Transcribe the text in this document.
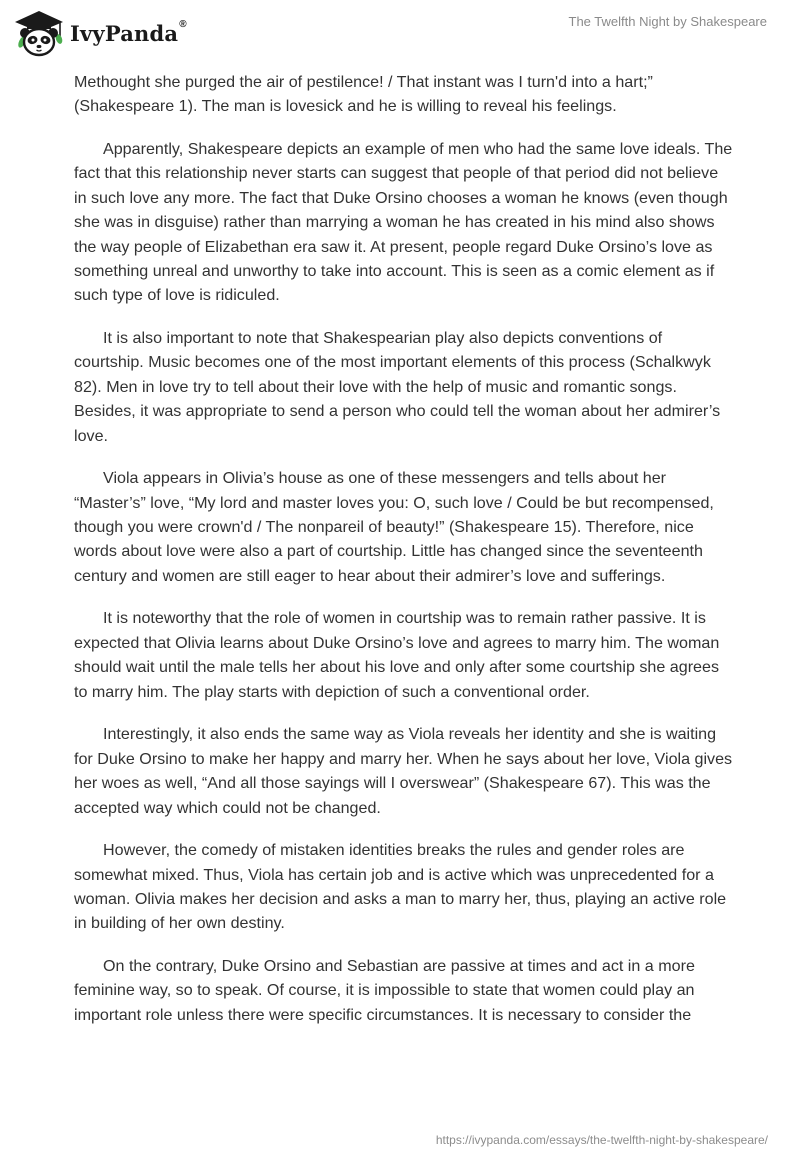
IvyPanda®	The Twelfth Night by Shakespeare

Methought she purged the air of pestilence! / That instant was I turn'd into a hart;” (Shakespeare 1). The man is lovesick and he is willing to reveal his feelings.

Apparently, Shakespeare depicts an example of men who had the same love ideals. The fact that this relationship never starts can suggest that people of that period did not believe in such love any more. The fact that Duke Orsino chooses a woman he knows (even though she was in disguise) rather than marrying a woman he has created in his mind also shows the way people of Elizabethan era saw it. At present, people regard Duke Orsino’s love as something unreal and unworthy to take into account. This is seen as a comic element as if such type of love is ridiculed.

It is also important to note that Shakespearian play also depicts conventions of courtship. Music becomes one of the most important elements of this process (Schalkwyk 82). Men in love try to tell about their love with the help of music and romantic songs. Besides, it was appropriate to send a person who could tell the woman about her admirer’s love.

Viola appears in Olivia’s house as one of these messengers and tells about her “Master’s” love, “My lord and master loves you: O, such love / Could be but recompensed, though you were crown'd / The nonpareil of beauty!” (Shakespeare 15). Therefore, nice words about love were also a part of courtship. Little has changed since the seventeenth century and women are still eager to hear about their admirer’s love and sufferings.

It is noteworthy that the role of women in courtship was to remain rather passive. It is expected that Olivia learns about Duke Orsino’s love and agrees to marry him. The woman should wait until the male tells her about his love and only after some courtship she agrees to marry him. The play starts with depiction of such a conventional order.

Interestingly, it also ends the same way as Viola reveals her identity and she is waiting for Duke Orsino to make her happy and marry her. When he says about her love, Viola gives her woes as well, “And all those sayings will I overswear” (Shakespeare 67). This was the accepted way which could not be changed.

However, the comedy of mistaken identities breaks the rules and gender roles are somewhat mixed. Thus, Viola has certain job and is active which was unprecedented for a woman. Olivia makes her decision and asks a man to marry her, thus, playing an active role in building of her own destiny.

On the contrary, Duke Orsino and Sebastian are passive at times and act in a more feminine way, so to speak. Of course, it is impossible to state that women could play an important role unless there were specific circumstances. It is necessary to consider the

https://ivypanda.com/essays/the-twelfth-night-by-shakespeare/
